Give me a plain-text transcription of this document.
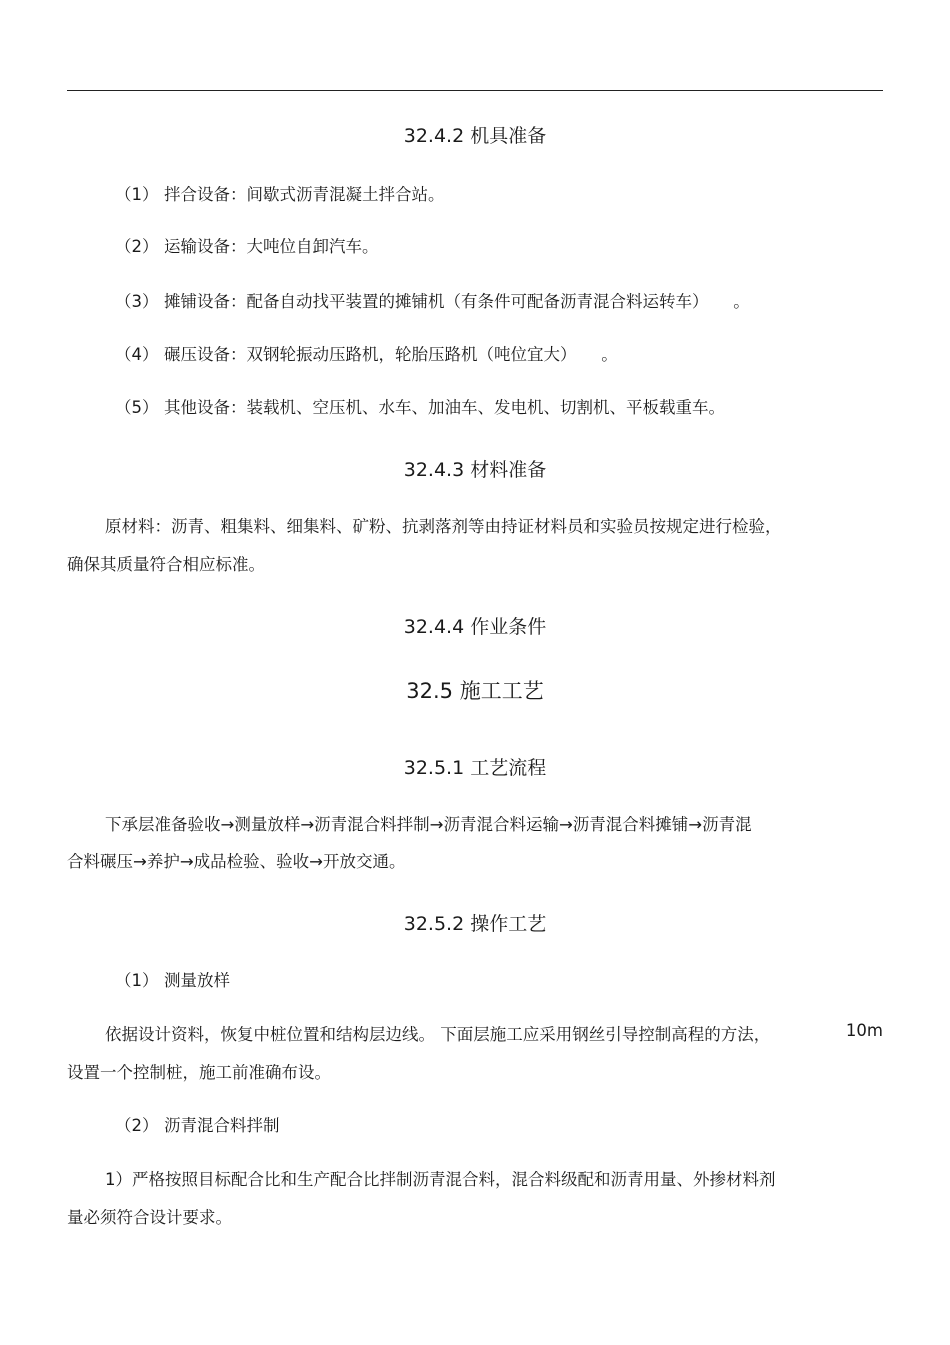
32.4.2 机具准备
（1） 拌合设备：间歇式沥青混凝土拌合站。
（2） 运输设备：大吨位自卸汽车。
（3） 摊铺设备：配备自动找平装置的摊铺机（有条件可配备沥青混合料运转车）　　。
（4） 碾压设备：双钢轮振动压路机，轮胎压路机（吨位宜大）　　。
（5） 其他设备：装载机、空压机、水车、加油车、发电机、切割机、平板载重车。
32.4.3 材料准备
原材料：沥青、粗集料、细集料、矿粉、抗剥落剂等由持证材料员和实验员按规定进行检验，
确保其质量符合相应标准。
32.4.4 作业条件
32.5 施工工艺
32.5.1 工艺流程
下承层准备验收→测量放样→沥青混合料拌制→沥青混合料运输→沥青混合料摊铺→沥青混
合料碾压→养护→成品检验、验收→开放交通。
32.5.2 操作工艺
（1） 测量放样
依据设计资料，恢复中桩位置和结构层边线。 下面层施工应采用钢丝引导控制高程的方法，	10m
设置一个控制桩，施工前准确布设。
（2） 沥青混合料拌制
1）严格按照目标配合比和生产配合比拌制沥青混合料，混合料级配和沥青用量、外掺材料剂
量必须符合设计要求。
